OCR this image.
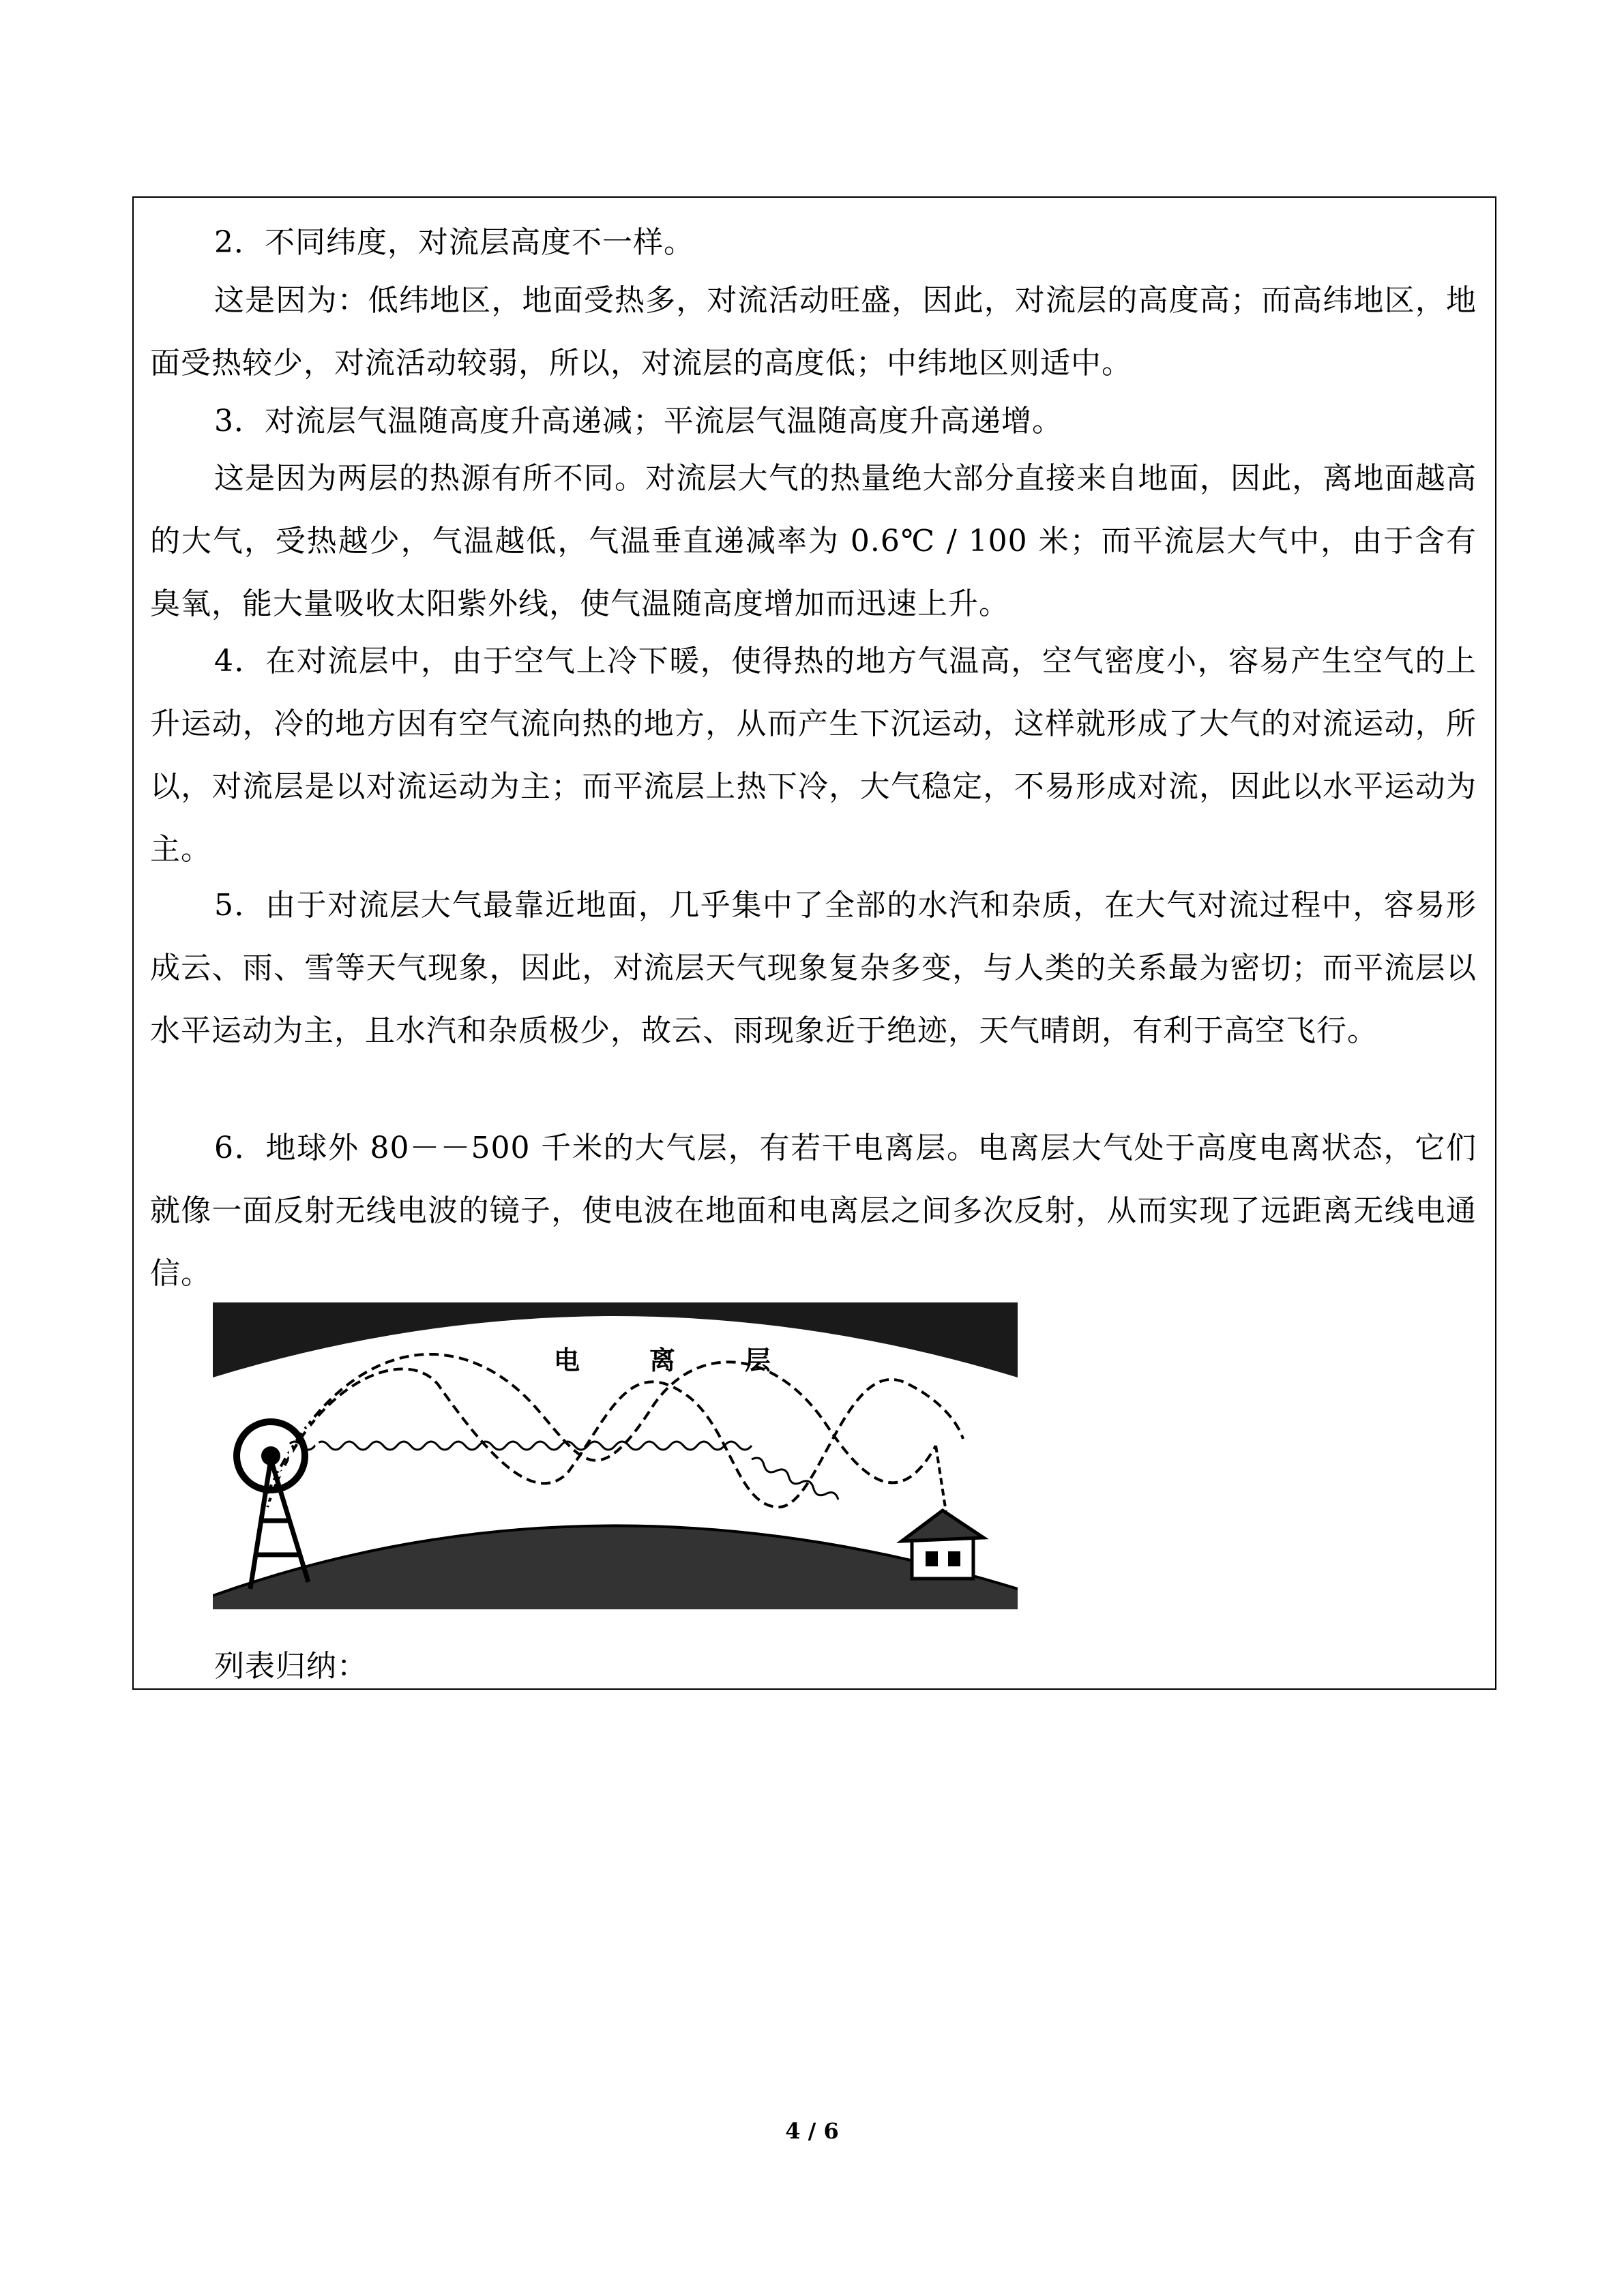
2．不同纬度，对流层高度不一样。

这是因为：低纬地区，地面受热多，对流活动旺盛，因此，对流层的高度高；而高纬地区，地面受热较少，对流活动较弱，所以，对流层的高度低；中纬地区则适中。

3．对流层气温随高度升高递减；平流层气温随高度升高递增。

这是因为两层的热源有所不同。对流层大气的热量绝大部分直接来自地面，因此，离地面越高的大气，受热越少，气温越低，气温垂直递减率为 0.6℃ / 100 米；而平流层大气中，由于含有臭氧，能大量吸收太阳紫外线，使气温随高度增加而迅速上升。

4．在对流层中，由于空气上冷下暖，使得热的地方气温高，空气密度小，容易产生空气的上升运动，冷的地方因有空气流向热的地方，从而产生下沉运动，这样就形成了大气的对流运动，所以，对流层是以对流运动为主；而平流层上热下冷，大气稳定，不易形成对流，因此以水平运动为主。

5．由于对流层大气最靠近地面，几乎集中了全部的水汽和杂质，在大气对流过程中，容易形成云、雨、雪等天气现象，因此，对流层天气现象复杂多变，与人类的关系最为密切；而平流层以水平运动为主，且水汽和杂质极少，故云、雨现象近于绝迹，天气晴朗，有利于高空飞行。

6．地球外 80－－500 千米的大气层，有若干电离层。电离层大气处于高度电离状态，它们就像一面反射无线电波的镜子，使电波在地面和电离层之间多次反射，从而实现了远距离无线电通信。

电	离	层

列表归纳：

4 / 6
